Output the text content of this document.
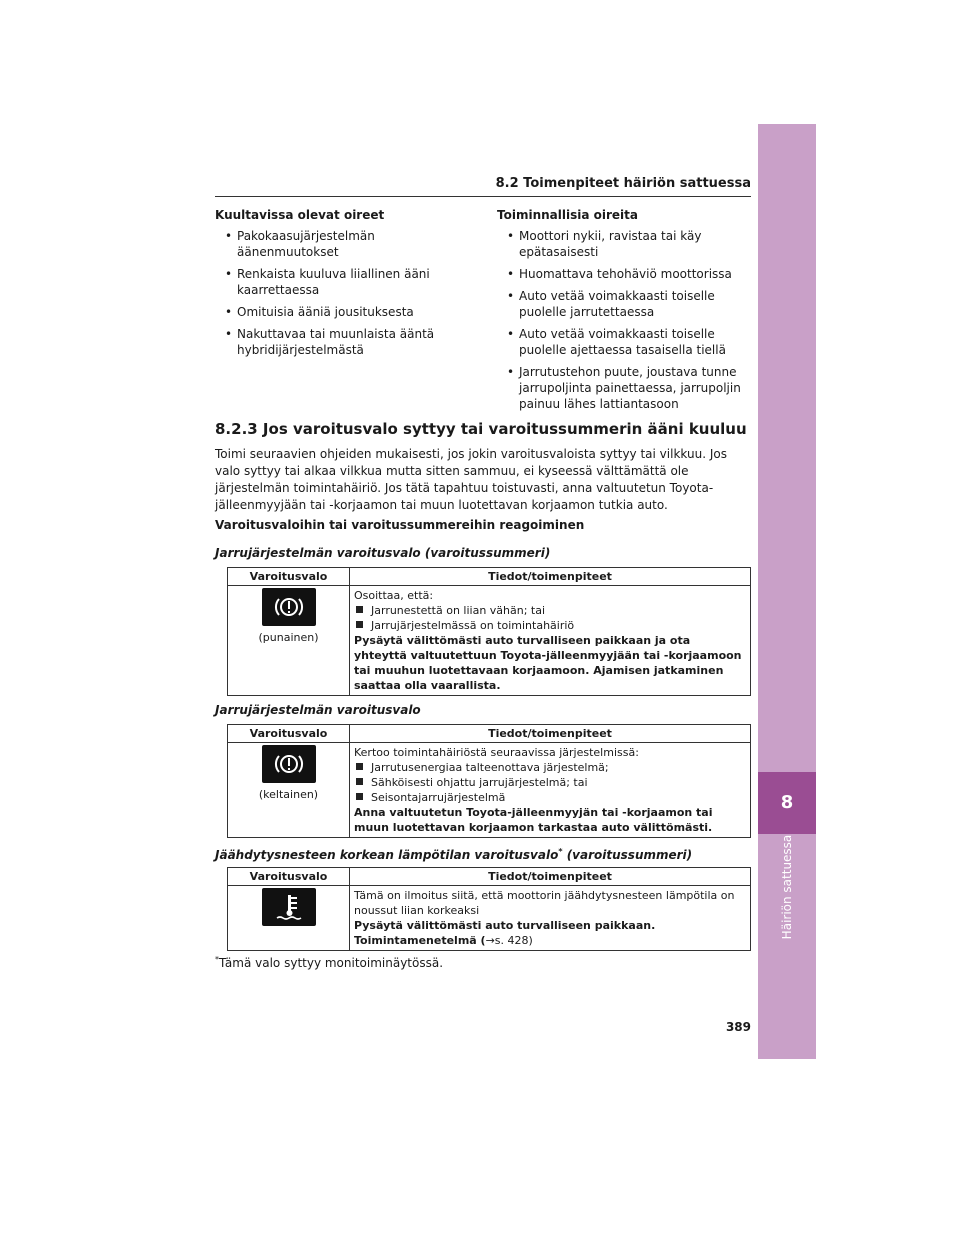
8
Häiriön sattuessa
8.2 Toimenpiteet häiriön sattuessa
Kuultavissa olevat oireet
• Pakokaasujärjestelmän äänenmuutokset
• Renkaista kuuluva liiallinen ääni kaarrettaessa
• Omituisia ääniä jousituksesta
• Nakuttavaa tai muunlaista ääntä hybridijärjestelmästä
Toiminnallisia oireita
• Moottori nykii, ravistaa tai käy epätasaisesti
• Huomattava tehohäviö moottorissa
• Auto vetää voimakkaasti toiselle puolelle jarrutettaessa
• Auto vetää voimakkaasti toiselle puolelle ajettaessa tasaisella tiellä
• Jarrutustehon puute, joustava tunne jarrupoljinta painettaessa, jarrupoljin painuu lähes lattiantasoon
8.2.3 Jos varoitusvalo syttyy tai varoitussummerin ääni kuuluu
Toimi seuraavien ohjeiden mukaisesti, jos jokin varoitusvaloista syttyy tai vilkkuu. Jos valo syttyy tai alkaa vilkkua mutta sitten sammuu, ei kyseessä välttämättä ole järjestelmän toimintahäiriö. Jos tätä tapahtuu toistuvasti, anna valtuutetun Toyota-jälleenmyyjään tai -korjaamon tai muun luotettavan korjaamon tutkia auto.
Varoitusvaloihin tai varoitussummereihin reagoiminen
Jarrujärjestelmän varoitusvalo (varoitussummeri)
Varoitusvalo	Tiedot/toimenpiteet

(punainen)	Osoittaa, että:
Jarrunestettä on liian vähän; tai
Jarrujärjestelmässä on toimintahäiriö
Pysäytä välittömästi auto turvalliseen paikkaan ja ota yhteyttä valtuutettuun Toyota-jälleenmyyjään tai -korjaamoon tai muuhun luotettavaan korjaamoon. Ajamisen jatkaminen saattaa olla vaarallista.
Jarrujärjestelmän varoitusvalo
Varoitusvalo	Tiedot/toimenpiteet

(keltainen)	Kertoo toimintahäiriöstä seuraavissa järjestelmissä:
Jarrutusenergiaa talteenottava järjestelmä;
Sähköisesti ohjattu jarrujärjestelmä; tai
Seisontajarrujärjestelmä
Anna valtuutetun Toyota-jälleenmyyjän tai -korjaamon tai muun luotettavan korjaamon tarkastaa auto välittömästi.
Jäähdytysnesteen korkean lämpötilan varoitusvalo* (varoitussummeri)
Varoitusvalo	Tiedot/toimenpiteet

Tämä on ilmoitus siitä, että moottorin jäähdytysnesteen lämpötila on noussut liian korkeaksi
Pysäytä välittömästi auto turvalliseen paikkaan.
Toimintamenetelmä (→s. 428)
*Tämä valo syttyy monitoiminäytössä.
389
